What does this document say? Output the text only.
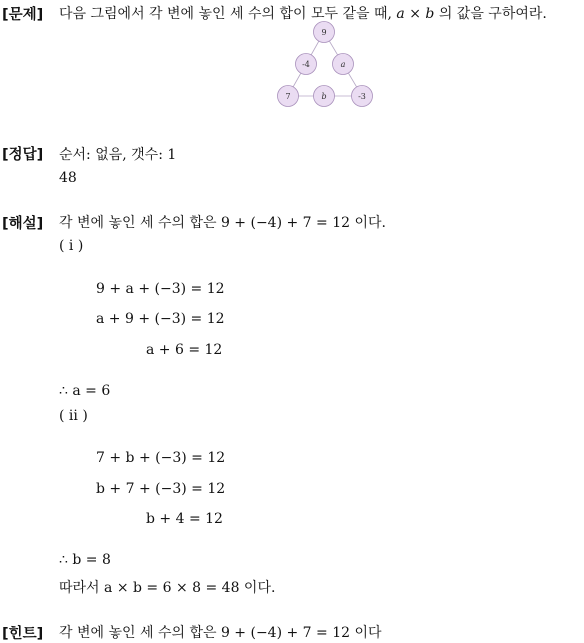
[문제] 다음 그림에서 각 변에 놓인 세 수의 합이 모두 같을 때, a × b 의 값을 구하여라.
9
-4	a
7	b	-3
[정답] 순서: 없음, 갯수: 1
48
[해설] 각 변에 놓인 세 수의 합은 9 + (−4) + 7 = 12 이다.
( i )
9 + a + (−3) = 12
a + 9 + (−3) = 12
a + 6 = 12
∴ a = 6
( ii )
7 + b + (−3) = 12
b + 7 + (−3) = 12
b + 4 = 12
∴ b = 8
따라서 a × b = 6 × 8 = 48 이다.
[힌트] 각 변에 놓인 세 수의 합은 9 + (−4) + 7 = 12 이다
